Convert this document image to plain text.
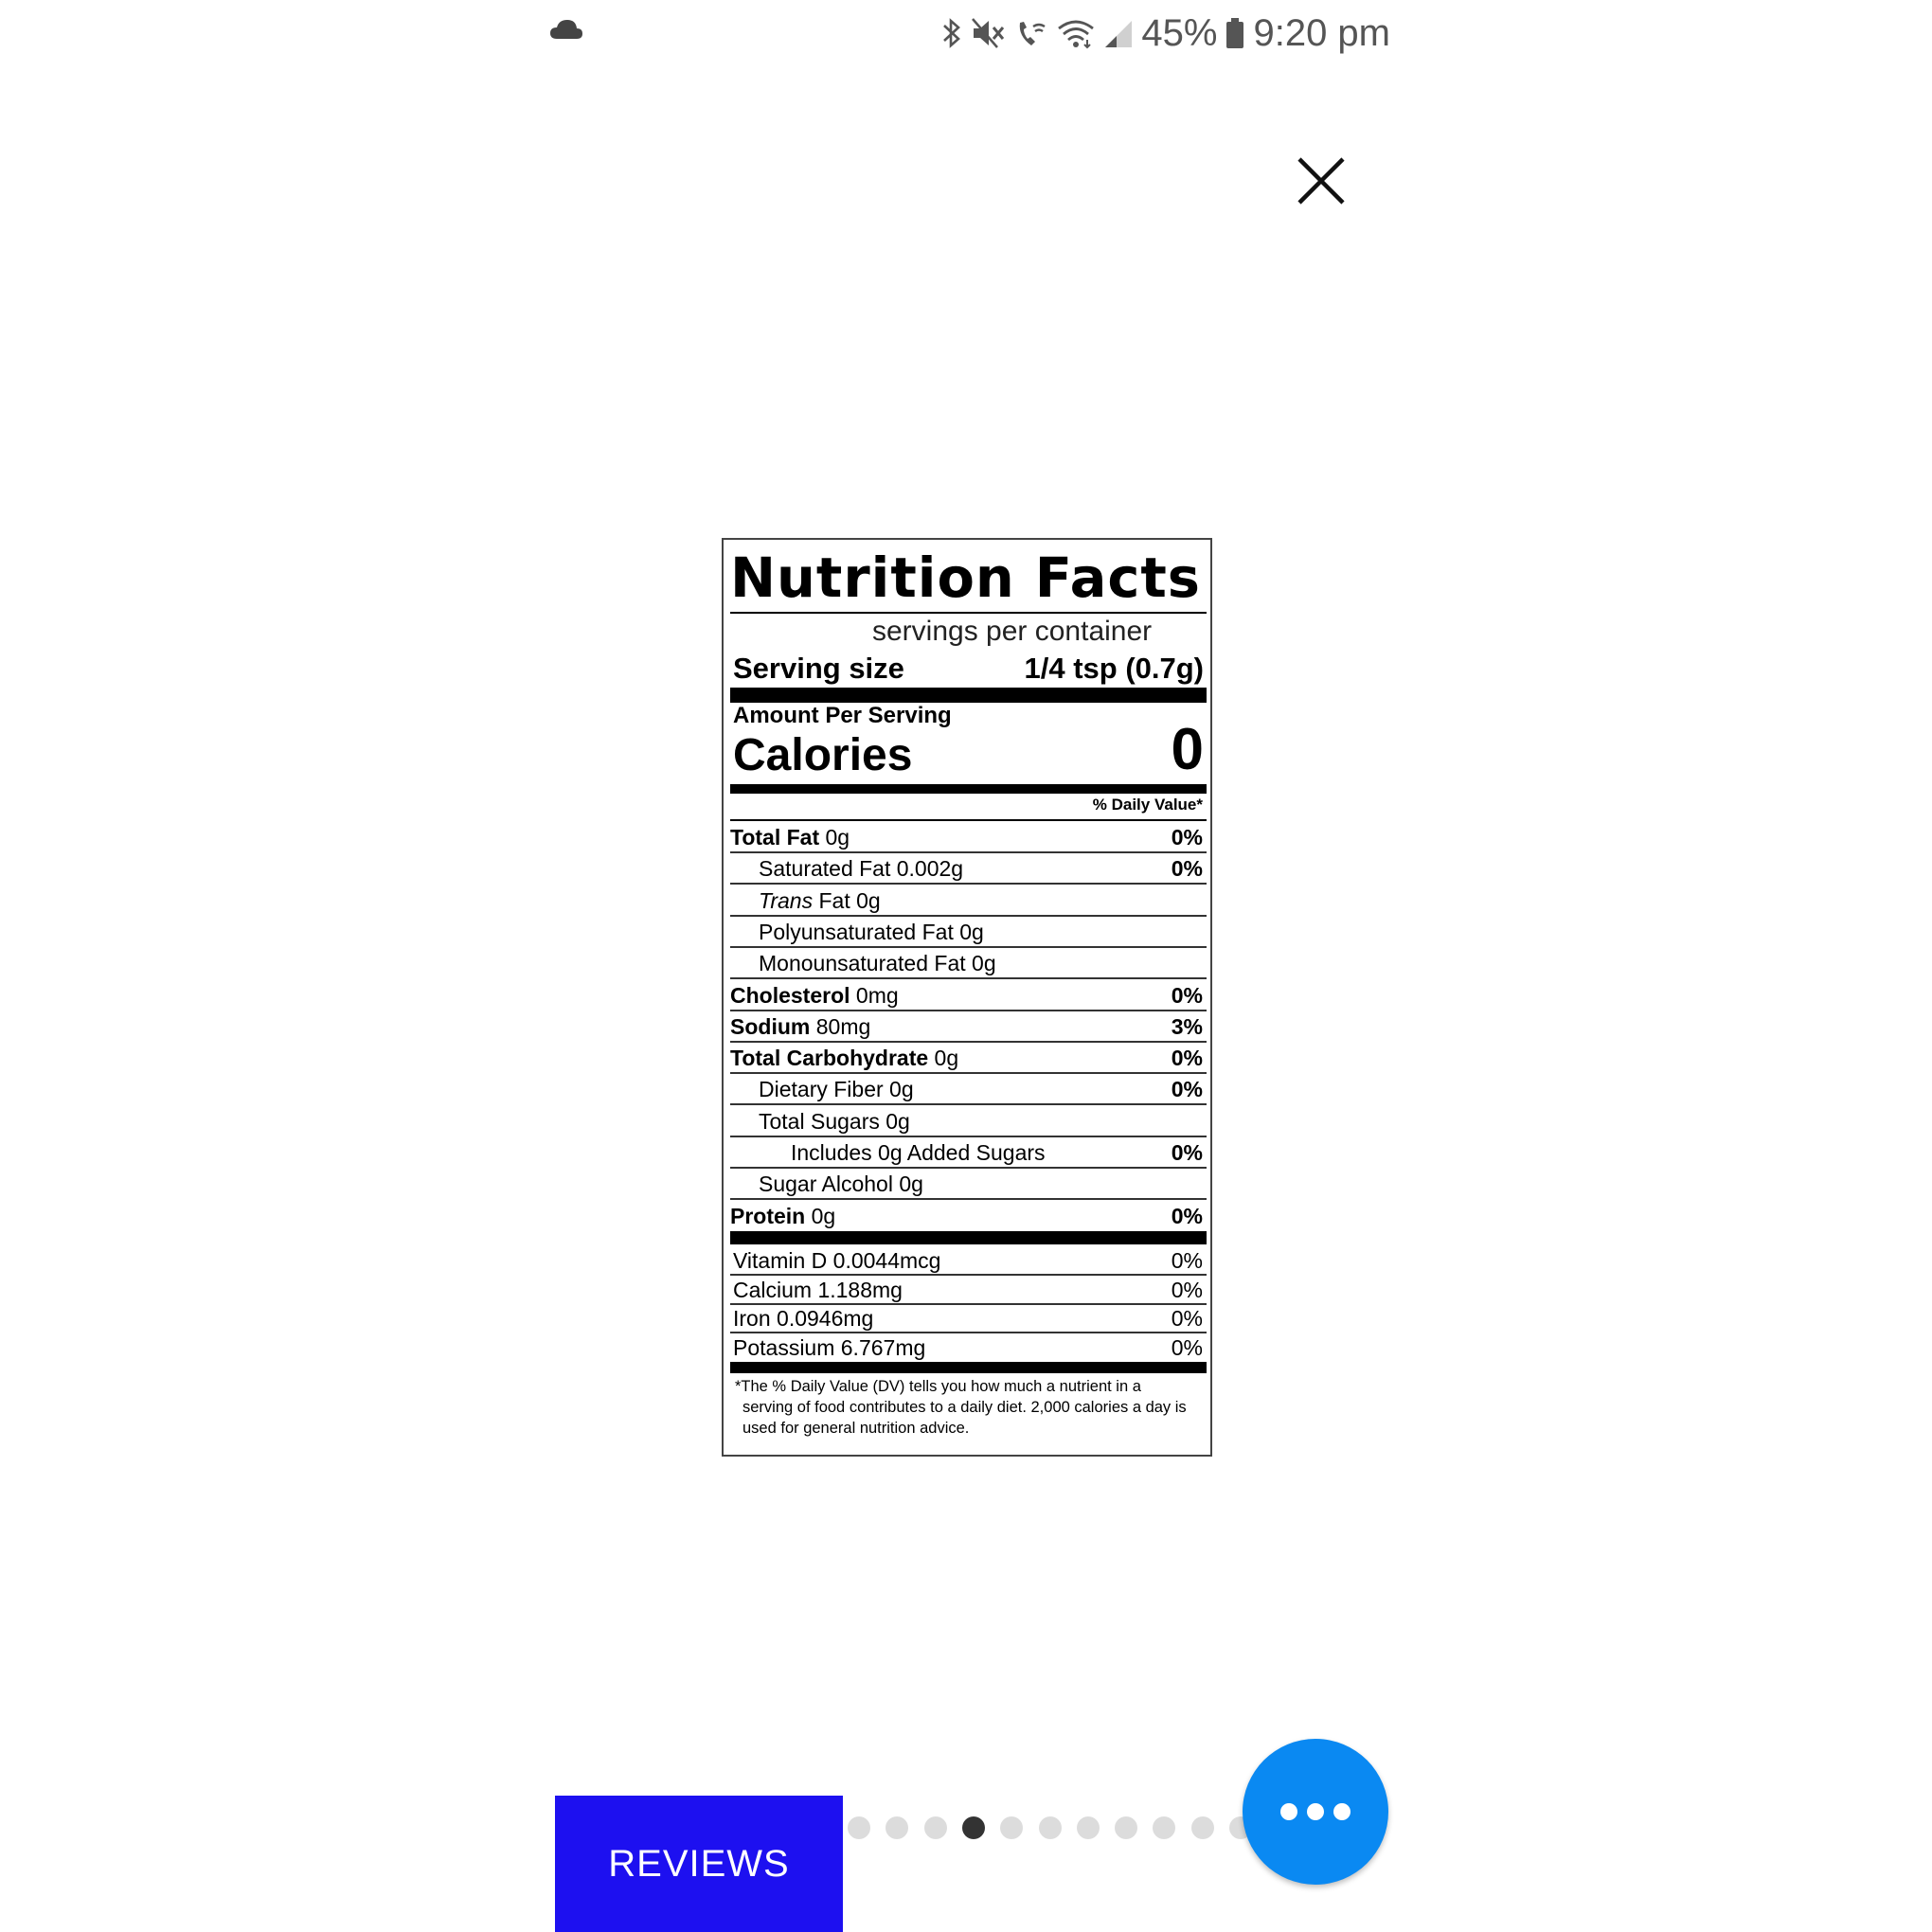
45% 9:20 pm
Nutrition Facts
servings per container
Serving size	1/4 tsp (0.7g)
Amount Per Serving
Calories	0
% Daily Value*
Total Fat 0g	0%
Saturated Fat 0.002g	0%
Trans Fat 0g
Polyunsaturated Fat 0g
Monounsaturated Fat 0g
Cholesterol 0mg	0%
Sodium 80mg	3%
Total Carbohydrate 0g	0%
Dietary Fiber 0g	0%
Total Sugars 0g
Includes 0g Added Sugars	0%
Sugar Alcohol 0g
Protein 0g	0%
Vitamin D 0.0044mcg	0%
Calcium 1.188mg	0%
Iron 0.0946mg	0%
Potassium 6.767mg	0%
*The % Daily Value (DV) tells you how much a nutrient in a serving of food contributes to a daily diet. 2,000 calories a day is used for general nutrition advice.
REVIEWS
